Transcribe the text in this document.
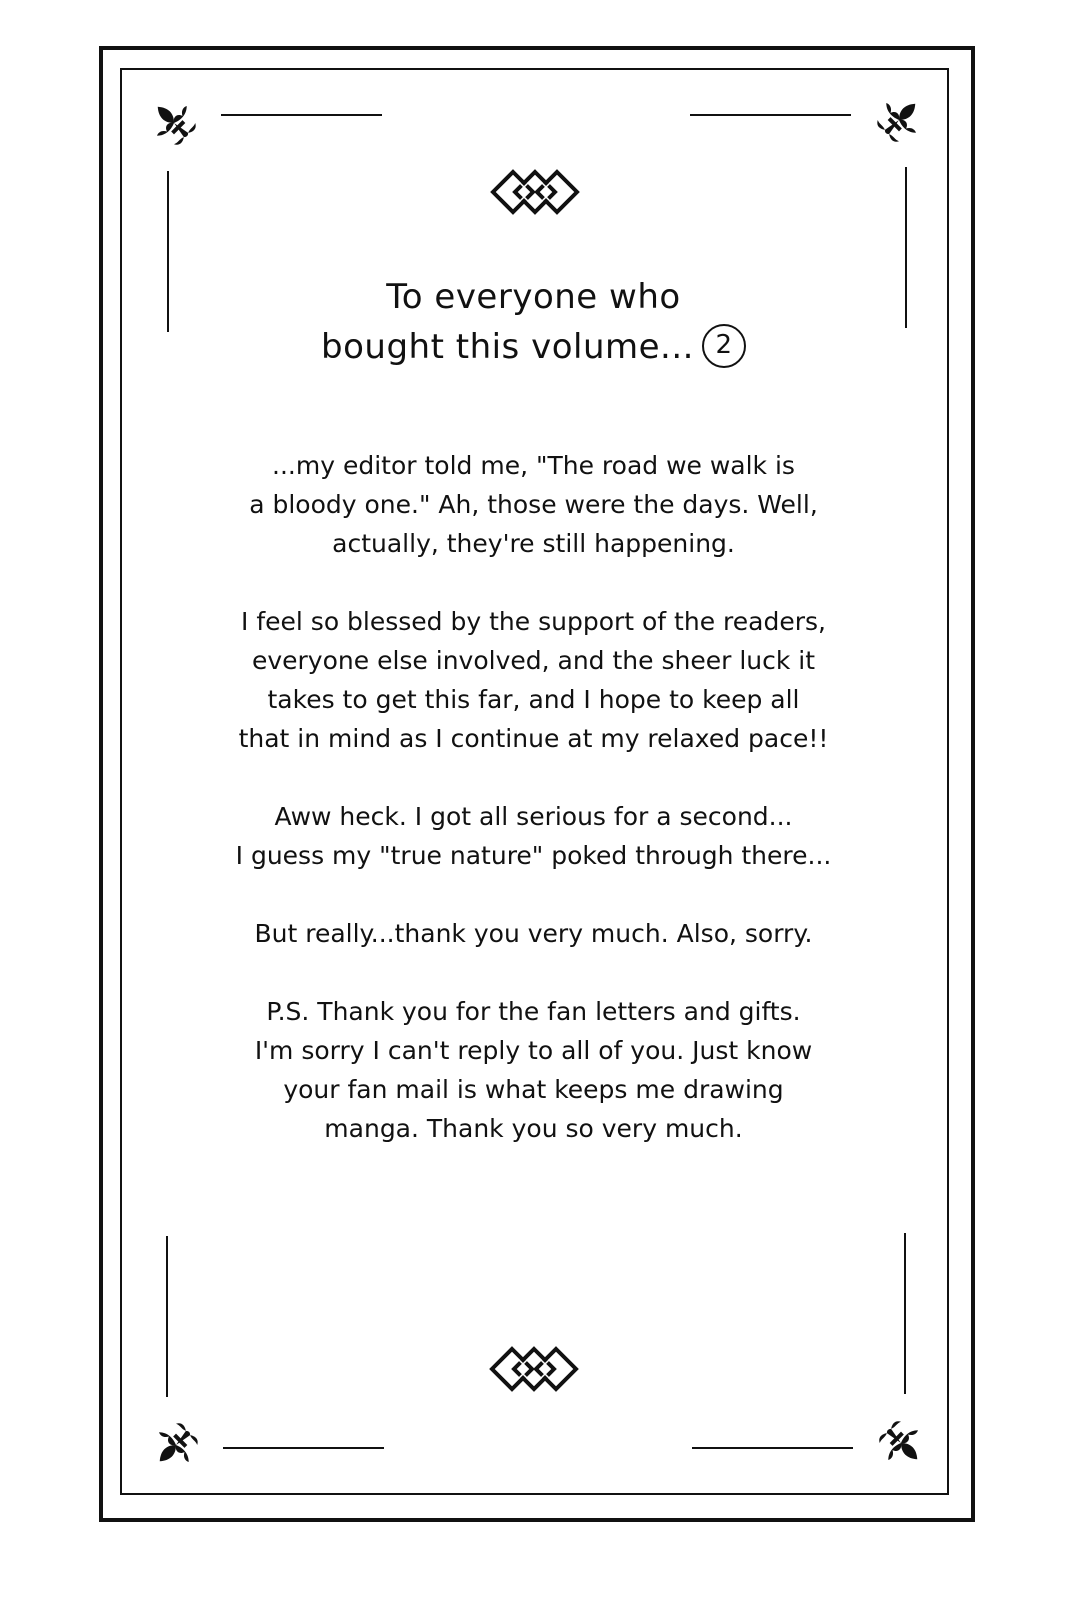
To everyone who
bought this volume... 2
...my editor told me, "The road we walk is
a bloody one." Ah, those were the days. Well,
actually, they're still happening.
I feel so blessed by the support of the readers,
everyone else involved, and the sheer luck it
takes to get this far, and I hope to keep all
that in mind as I continue at my relaxed pace!!
Aww heck. I got all serious for a second...
I guess my "true nature" poked through there...
But really...thank you very much. Also, sorry.
P.S. Thank you for the fan letters and gifts.
I'm sorry I can't reply to all of you. Just know
your fan mail is what keeps me drawing
manga. Thank you so very much.
